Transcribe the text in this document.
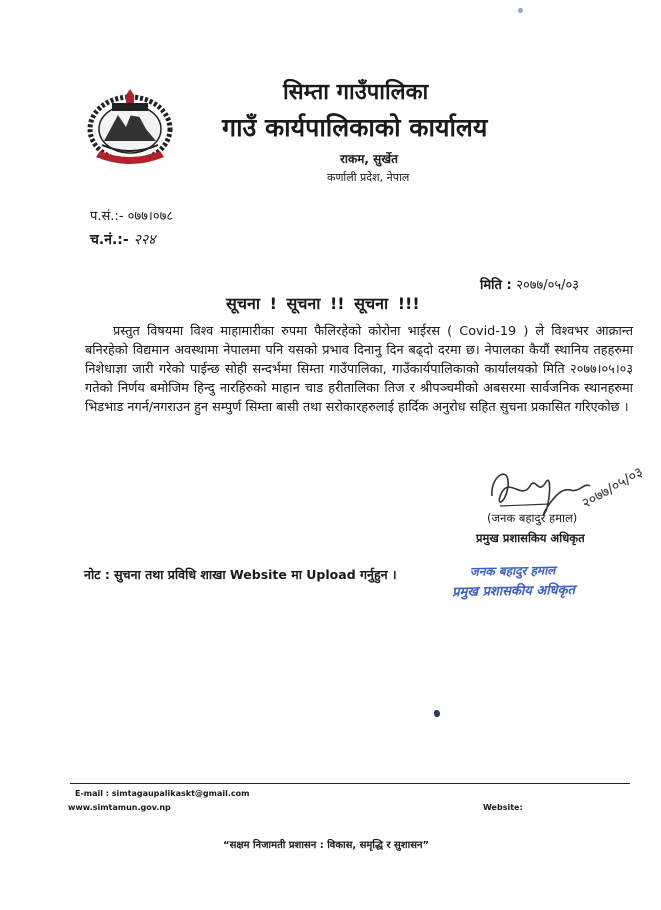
सिम्ता गाउँपालिका
गाउँ कार्यपालिकाको कार्यालय
राकम, सुर्खेत
कर्णाली प्रदेश, नेपाल
प.सं.:- ०७७।०७८
च.नं.:- २२४
मिति : २०७७/०५/०३
सूचना ! सूचना !! सूचना !!!

प्रस्तुत विषयमा विश्व माहामारीका रुपमा फैलिरहेको कोरोना भाईरस ( Covid-19 ) ले विश्वभर आक्रान्त बनिरहेको विद्यमान अवस्थामा नेपालमा पनि यसको प्रभाव दिनानु दिन बढ्दो दरमा छ। नेपालका कैयौं स्थानिय तहहरुमा निशेधाज्ञा जारी गरेको पाईन्छ सोही सन्दर्भमा सिम्ता गाउँपालिका, गाउँकार्यपालिकाको कार्यालयको मिति २०७७।०५।०३ गतेको निर्णय बमोजिम हिन्दु नारहिरुको माहान चाड हरीतालिका तिज र श्रीपञ्चमीको अबसरमा सार्वजनिक स्थानहरुमा भिडभाड नगर्न/नगराउन हुन सम्पुर्ण सिम्ता बासी तथा सरोकारहरुलाई हार्दिक अनुरोध सहित सुचना प्रकासित गरिएकोछ ।

२०७७/०५/०३
(जनक बहादुर हमाल)
प्रमुख प्रशासकिय अधिकृत
नोट : सुचना तथा प्रविधि शाखा Website मा Upload गर्नुहुन ।	जनक बहादुर हमाल
प्रमुख प्रशासकीय अधिकृत
E-mail : simtagaupalikaskt@gmail.com
www.simtamun.gov.np	Website:
“सक्षम निजामती प्रशासन : विकास, समृद्धि र सुशासन”
